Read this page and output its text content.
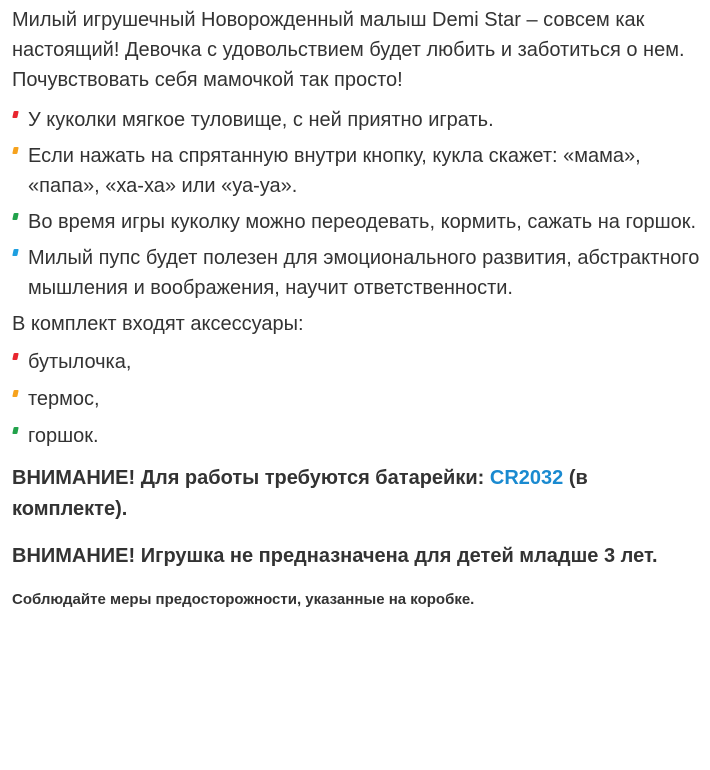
Милый игрушечный Новорожденный малыш Demi Star – совсем как настоящий! Девочка с удовольствием будет любить и заботиться о нем. Почувствовать себя мамочкой так просто!

У куколки мягкое туловище, с ней приятно играть.
Если нажать на спрятанную внутри кнопку, кукла скажет: «мама», «папа», «ха-ха» или «уа-уа».
Во время игры куколку можно переодевать, кормить, сажать на горшок.
Милый пупс будет полезен для эмоционального развития, абстрактного мышления и воображения, научит ответственности.

В комплект входят аксессуары:

бутылочка,
термос,
горшок.

ВНИМАНИЕ! Для работы требуются батарейки: CR2032 (в комплекте).

ВНИМАНИЕ! Игрушка не предназначена для детей младше 3 лет.

Соблюдайте меры предосторожности, указанные на коробке.
